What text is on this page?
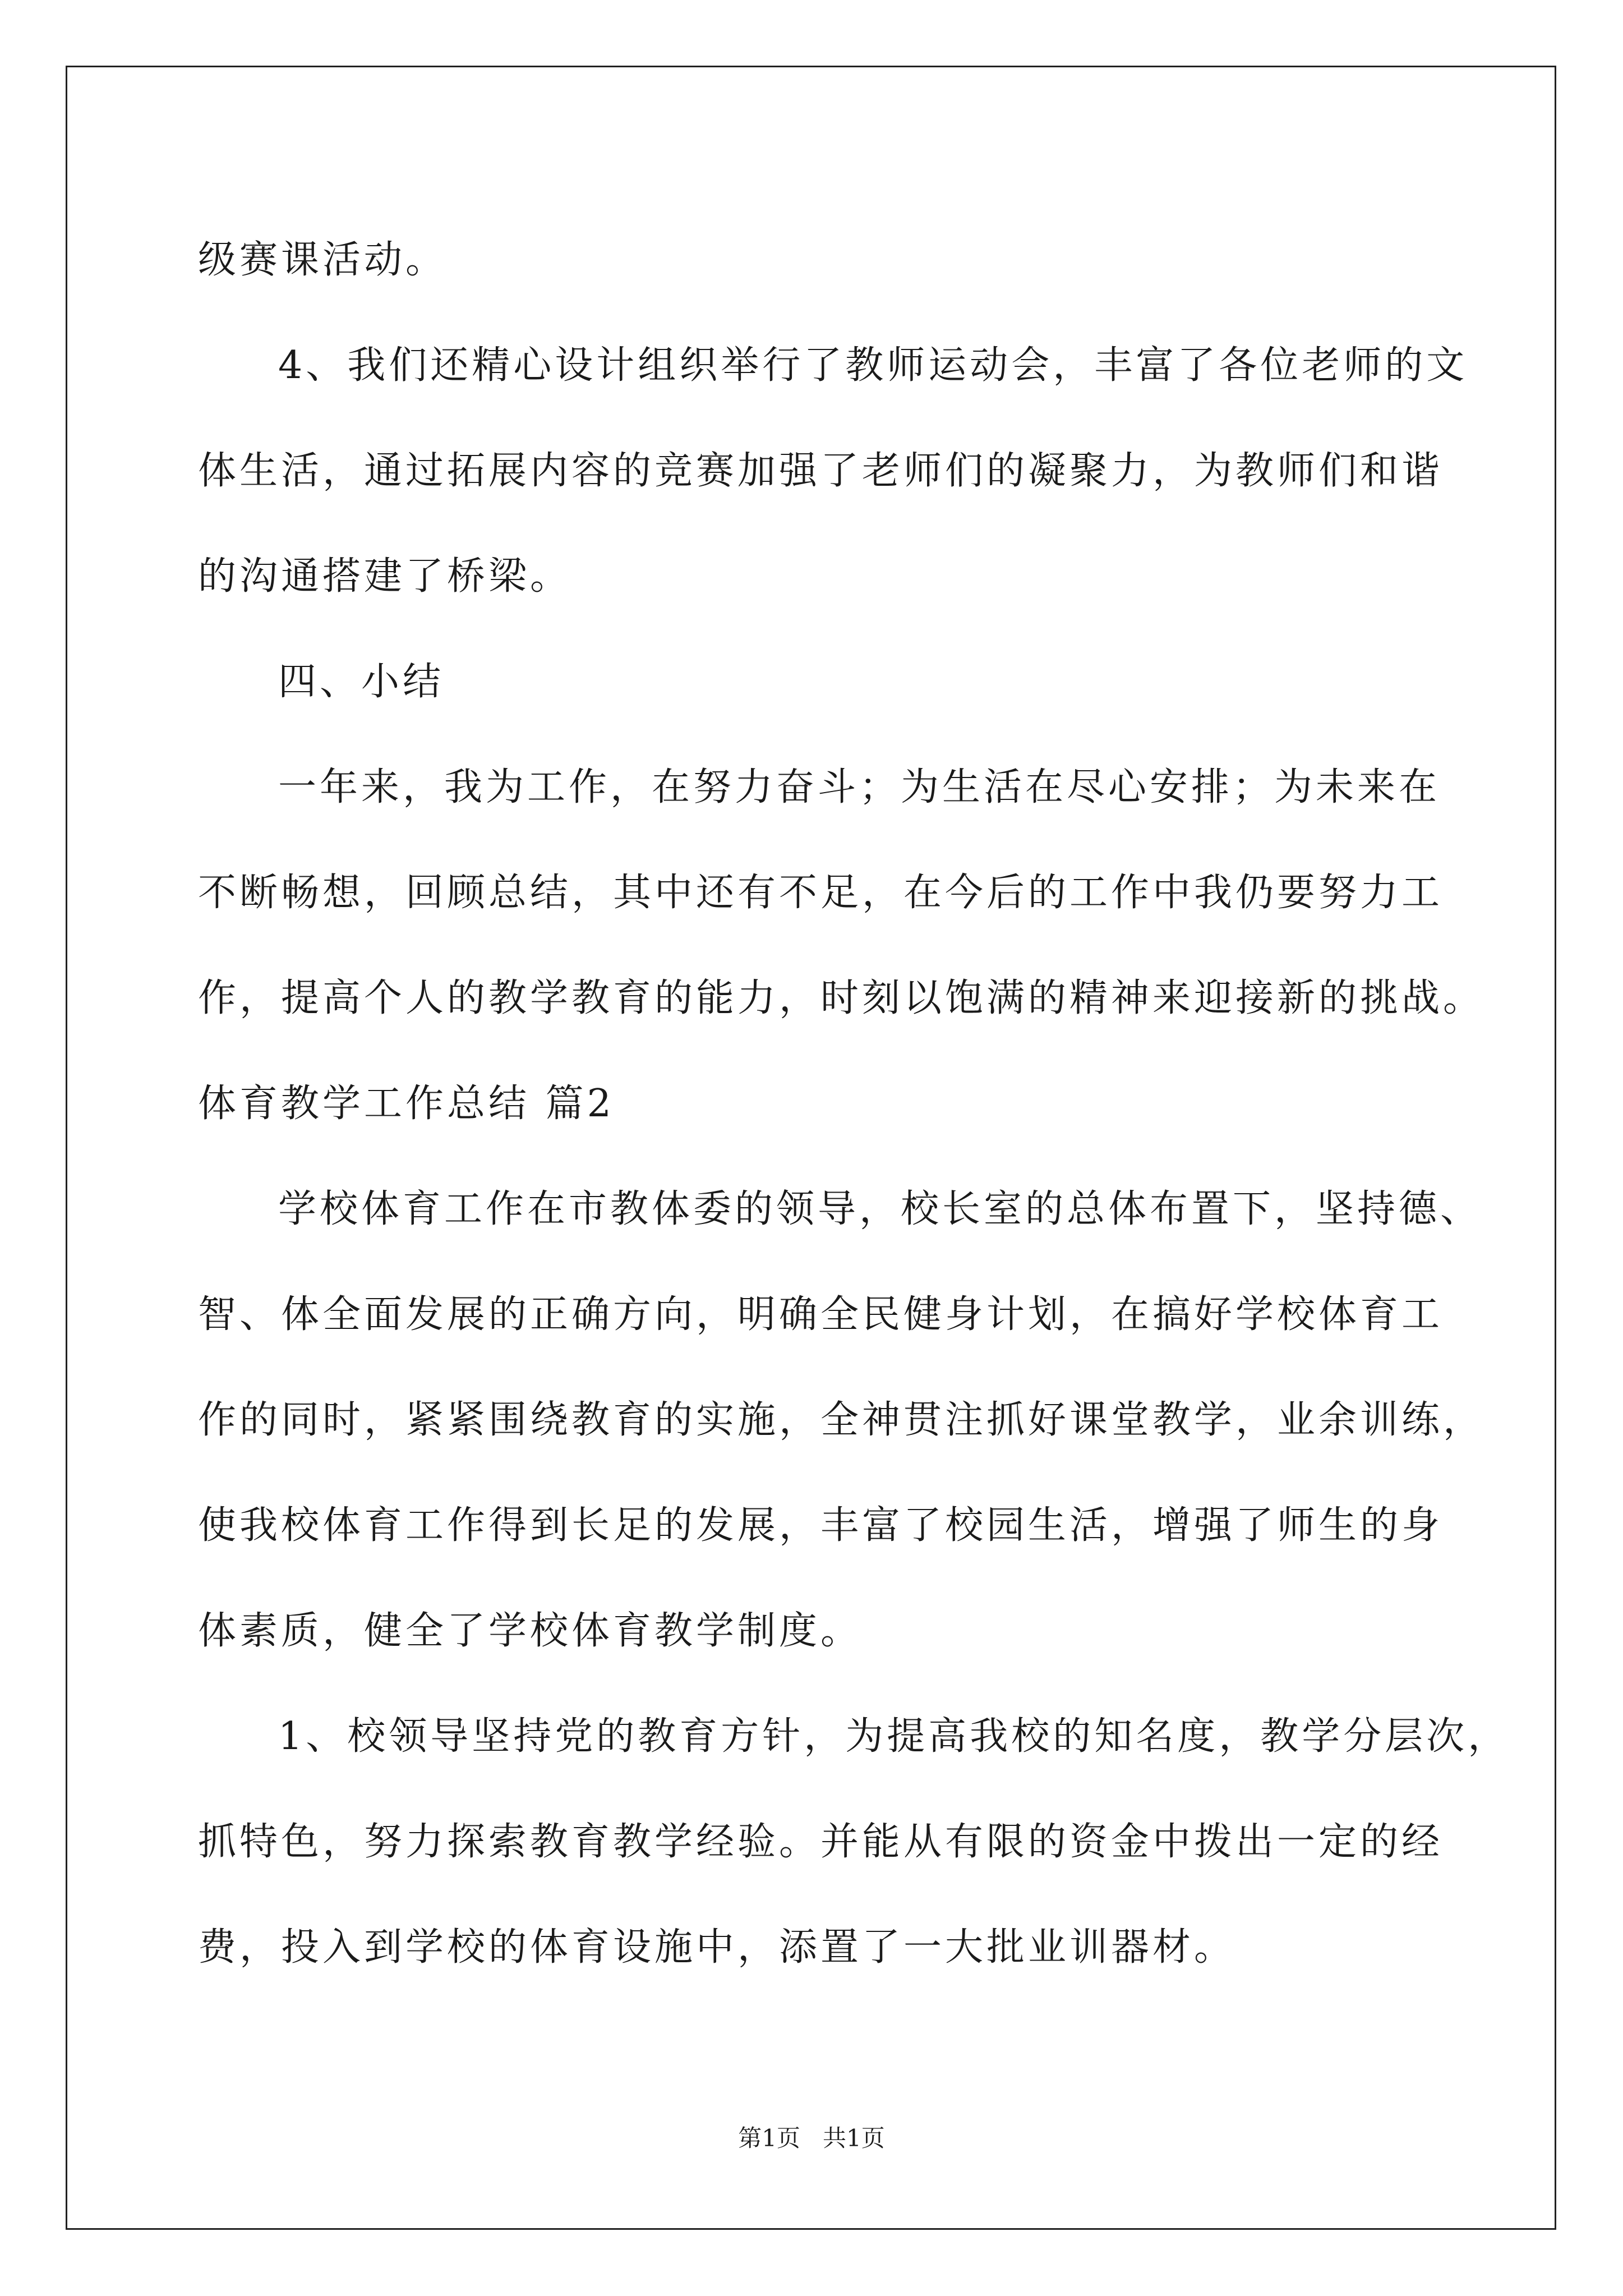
级赛课活动。
4、我们还精心设计组织举行了教师运动会，丰富了各位老师的文
体生活，通过拓展内容的竞赛加强了老师们的凝聚力，为教师们和谐
的沟通搭建了桥梁。
四、小结
一年来，我为工作，在努力奋斗；为生活在尽心安排；为未来在
不断畅想，回顾总结，其中还有不足，在今后的工作中我仍要努力工
作，提高个人的教学教育的能力，时刻以饱满的精神来迎接新的挑战。
体育教学工作总结 篇2
学校体育工作在市教体委的领导，校长室的总体布置下，坚持德、
智、体全面发展的正确方向，明确全民健身计划，在搞好学校体育工
作的同时，紧紧围绕教育的实施，全神贯注抓好课堂教学，业余训练，
使我校体育工作得到长足的发展，丰富了校园生活，增强了师生的身
体素质，健全了学校体育教学制度。
1、校领导坚持党的教育方针，为提高我校的知名度，教学分层次，
抓特色，努力探索教育教学经验。并能从有限的资金中拨出一定的经
费，投入到学校的体育设施中，添置了一大批业训器材。
第1页   共1页
